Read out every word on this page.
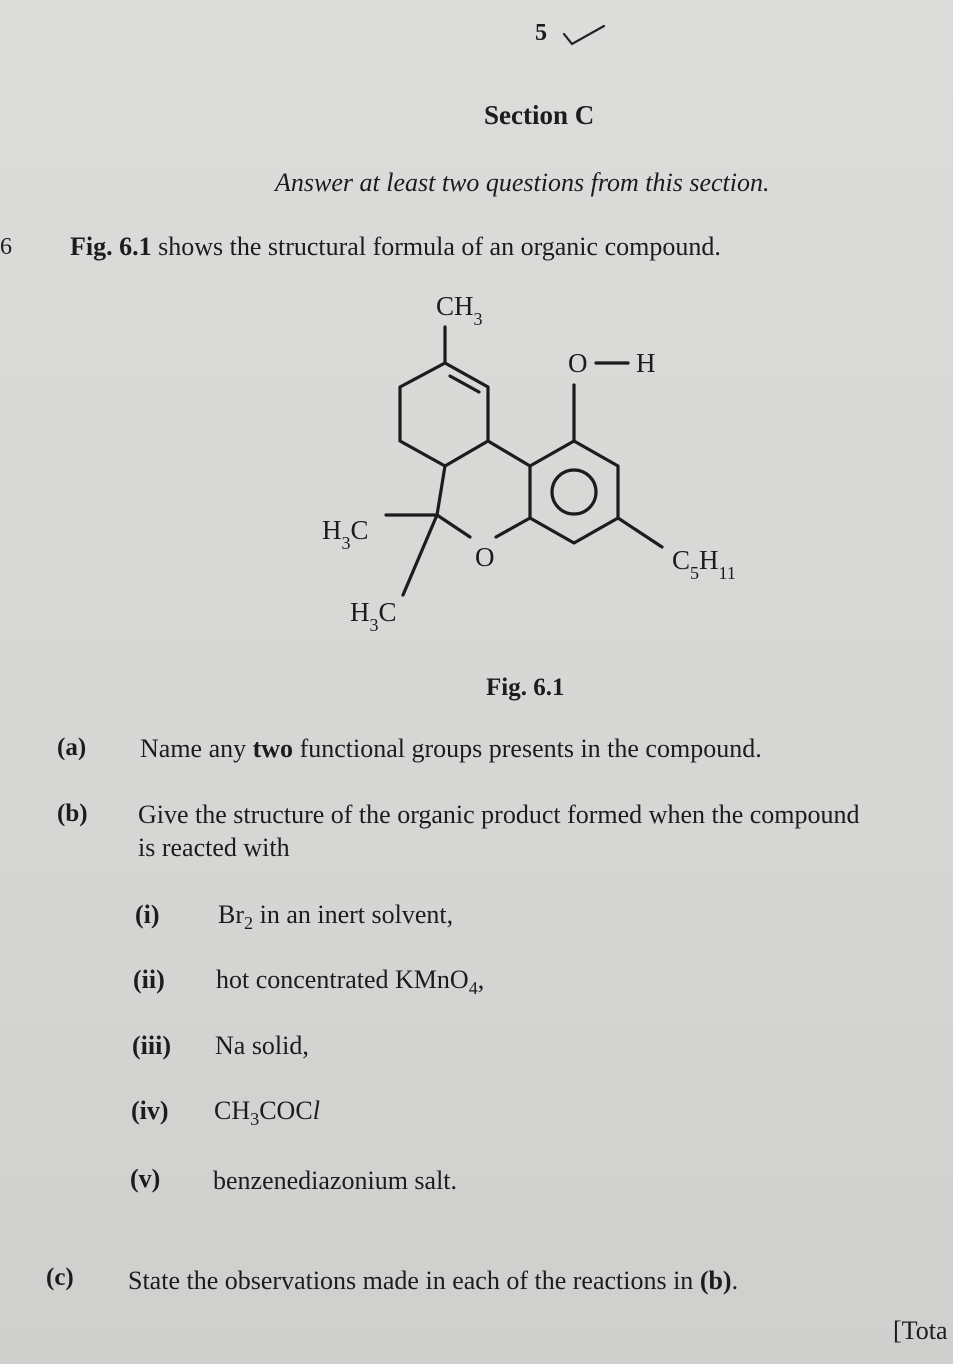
5
Section C
Answer at least two questions from this section.
6 Fig. 6.1 shows the structural formula of an organic compound.
$CH_3$
O H
$H_3C$
O
$H_3C$
$C_5H_{11}$
Fig. 6.1
(a) Name any two functional groups presents in the compound.
(b) Give the structure of the organic product formed when the compound
is reacted with
(i) $Br_2$ in an inert solvent,
(ii) hot concentrated KMnO$_4$,
(iii) Na solid,
(iv) $CH_3COCl$
(v) benzenediazonium salt.
(c) State the observations made in each of the reactions in (b).
[Tota
